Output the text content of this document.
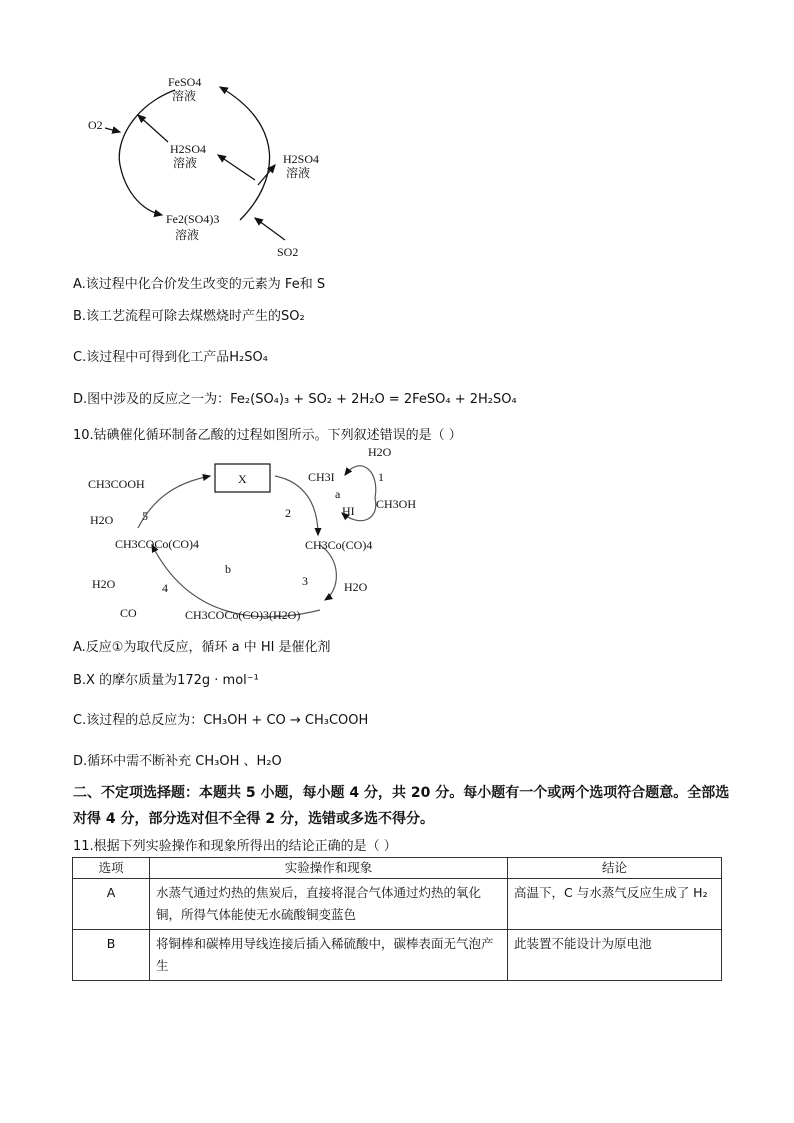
FeSO4
溶液
O2
H2SO4
溶液	H2SO4
溶液
Fe2(SO4)3
溶液
SO2
A.该过程中化合价发生改变的元素为 Fe和 S
B.该工艺流程可除去煤燃烧时产生的SO₂
C.该过程中可得到化工产品H₂SO₄
D.图中涉及的反应之一为：Fe₂(SO₄)₃ + SO₂ + 2H₂O = 2FeSO₄ + 2H₂SO₄
10.钴碘催化循环制备乙酸的过程如图所示。下列叙述错误的是（ ）
CH3COOH	X
H2O
CH3I	1
a
CH3OH
HI
H2O 5	2
CH3COCo(CO)4	CH3Co(CO)4
b
H2O	4	3	H2O
CO	CH3COCo(CO)3(H2O)
A.反应①为取代反应，循环 a 中 HI 是催化剂
B.X 的摩尔质量为172g · mol⁻¹
C.该过程的总反应为：CH₃OH + CO → CH₃COOH
D.循环中需不断补充 CH₃OH 、H₂O
二、不定项选择题：本题共 5 小题，每小题 4 分，共 20 分。每小题有一个或两个选项符合题意。全部选对得 4 分，部分选对但不全得 2 分，选错或多选不得分。
11.根据下列实验操作和现象所得出的结论正确的是（ ）
选项	实验操作和现象	结论
A	水蒸气通过灼热的焦炭后，直接将混合气体通过灼热的氧化铜，所得气体能使无水硫酸铜变蓝色	高温下，C 与水蒸气反应生成了 H₂
B	将铜棒和碳棒用导线连接后插入稀硫酸中，碳棒表面无气泡产生	此装置不能设计为原电池
